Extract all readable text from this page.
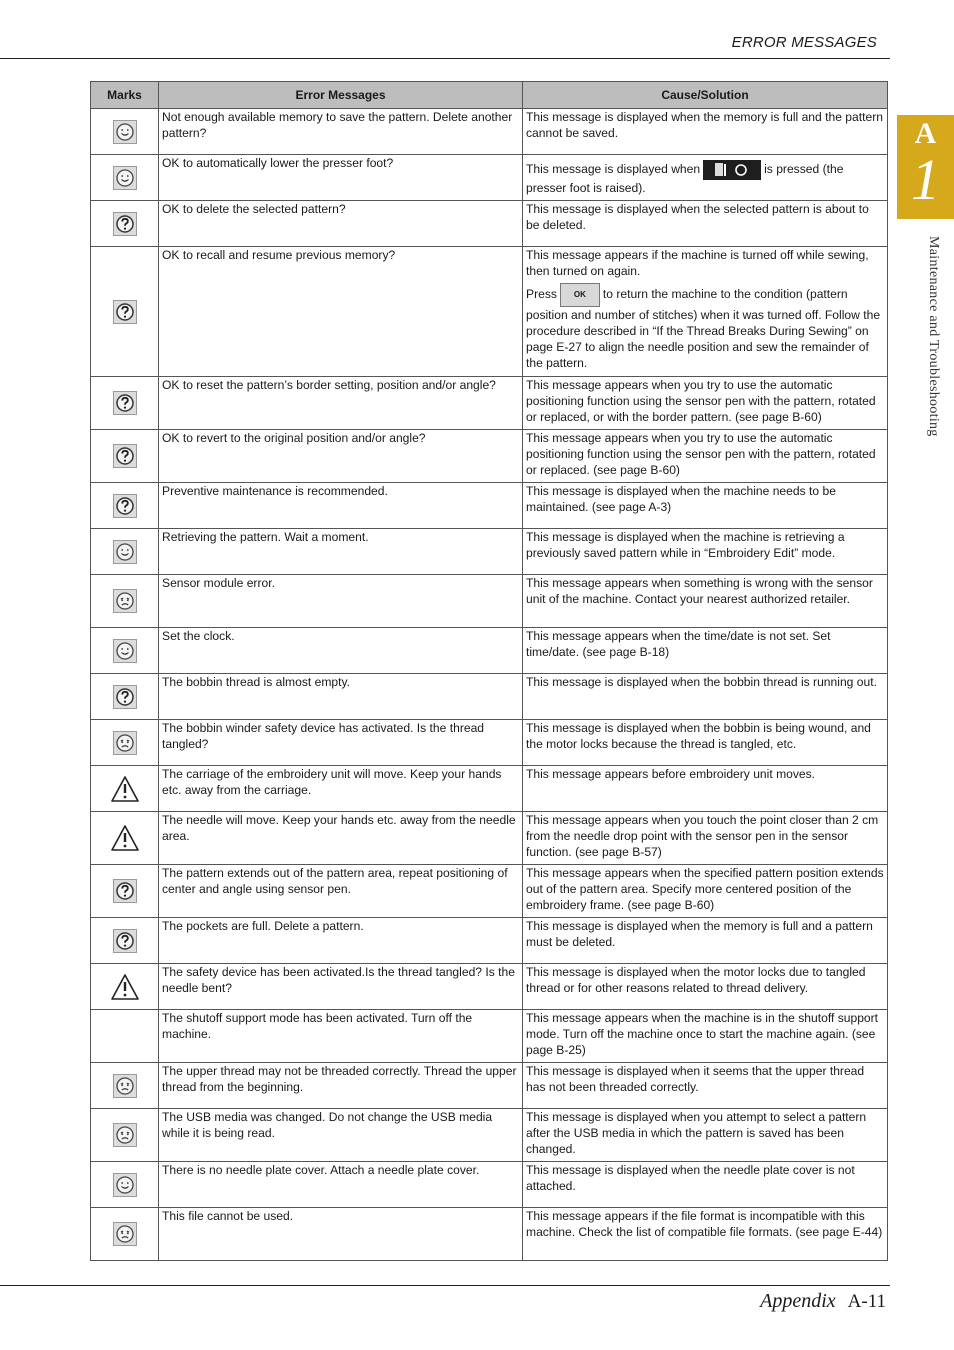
ERROR MESSAGES
A
1
Maintenance and Troubleshooting
Marks	Error Messages	Cause/Solution

	Not enough available memory to save the pattern. Delete another pattern?	This message is displayed when the memory is full and the pattern cannot be saved.

	OK to automatically lower the presser foot?	This message is displayed when is pressed (the presser foot is raised).

	OK to delete the selected pattern?	This message is displayed when the selected pattern is about to be deleted.

	OK to recall and resume previous memory?	This message appears if the machine is turned off while sewing, then turned on again.
Press OK to return the machine to the condition (pattern position and number of stitches) when it was turned off. Follow the procedure described in “If the Thread Breaks During Sewing” on page E-27 to align the needle position and sew the remainder of the pattern.

	OK to reset the pattern’s border setting, position and/or angle?	This message appears when you try to use the automatic positioning function using the sensor pen with the pattern, rotated or replaced, or with the border pattern. (see page B-60)

	OK to revert to the original position and/or angle?	This message appears when you try to use the automatic positioning function using the sensor pen with the pattern, rotated or replaced. (see page B-60)

	Preventive maintenance is recommended.	This message is displayed when the machine needs to be maintained. (see page A-3)

	Retrieving the pattern. Wait a moment.	This message is displayed when the machine is retrieving a previously saved pattern while in “Embroidery Edit” mode.

	Sensor module error.	This message appears when something is wrong with the sensor unit of the machine. Contact your nearest authorized retailer.

	Set the clock.	This message appears when the time/date is not set. Set time/date. (see page B-18)

	The bobbin thread is almost empty.	This message is displayed when the bobbin thread is running out.

	The bobbin winder safety device has activated. Is the thread tangled?	This message is displayed when the bobbin is being wound, and the motor locks because the thread is tangled, etc.

	The carriage of the embroidery unit will move. Keep your hands etc. away from the carriage.	This message appears before embroidery unit moves.

	The needle will move. Keep your hands etc. away from the needle area.	This message appears when you touch the point closer than 2 cm from the needle drop point with the sensor pen in the sensor function. (see page B-57)

	The pattern extends out of the pattern area, repeat positioning of center and angle using sensor pen.	This message appears when the specified pattern position extends out of the pattern area. Specify more centered position of the embroidery frame. (see page B-60)

	The pockets are full. Delete a pattern.	This message is displayed when the memory is full and a pattern must be deleted.

	The safety device has been activated.Is the thread tangled? Is the needle bent?	This message is displayed when the motor locks due to tangled thread or for other reasons related to thread delivery.
	The shutoff support mode has been activated. Turn off the machine.	This message appears when the machine is in the shutoff support mode. Turn off the machine once to start the machine again. (see page B-25)

	The upper thread may not be threaded correctly. Thread the upper thread from the beginning.	This message is displayed when it seems that the upper thread has not been threaded correctly.

	The USB media was changed. Do not change the USB media while it is being read.	This message is displayed when you attempt to select a pattern after the USB media in which the pattern is saved has been changed.

	There is no needle plate cover. Attach a needle plate cover.	This message is displayed when the needle plate cover is not attached.

	This file cannot be used.	This message appears if the file format is incompatible with this machine. Check the list of compatible file formats. (see page E-44)
Appendix A-11
